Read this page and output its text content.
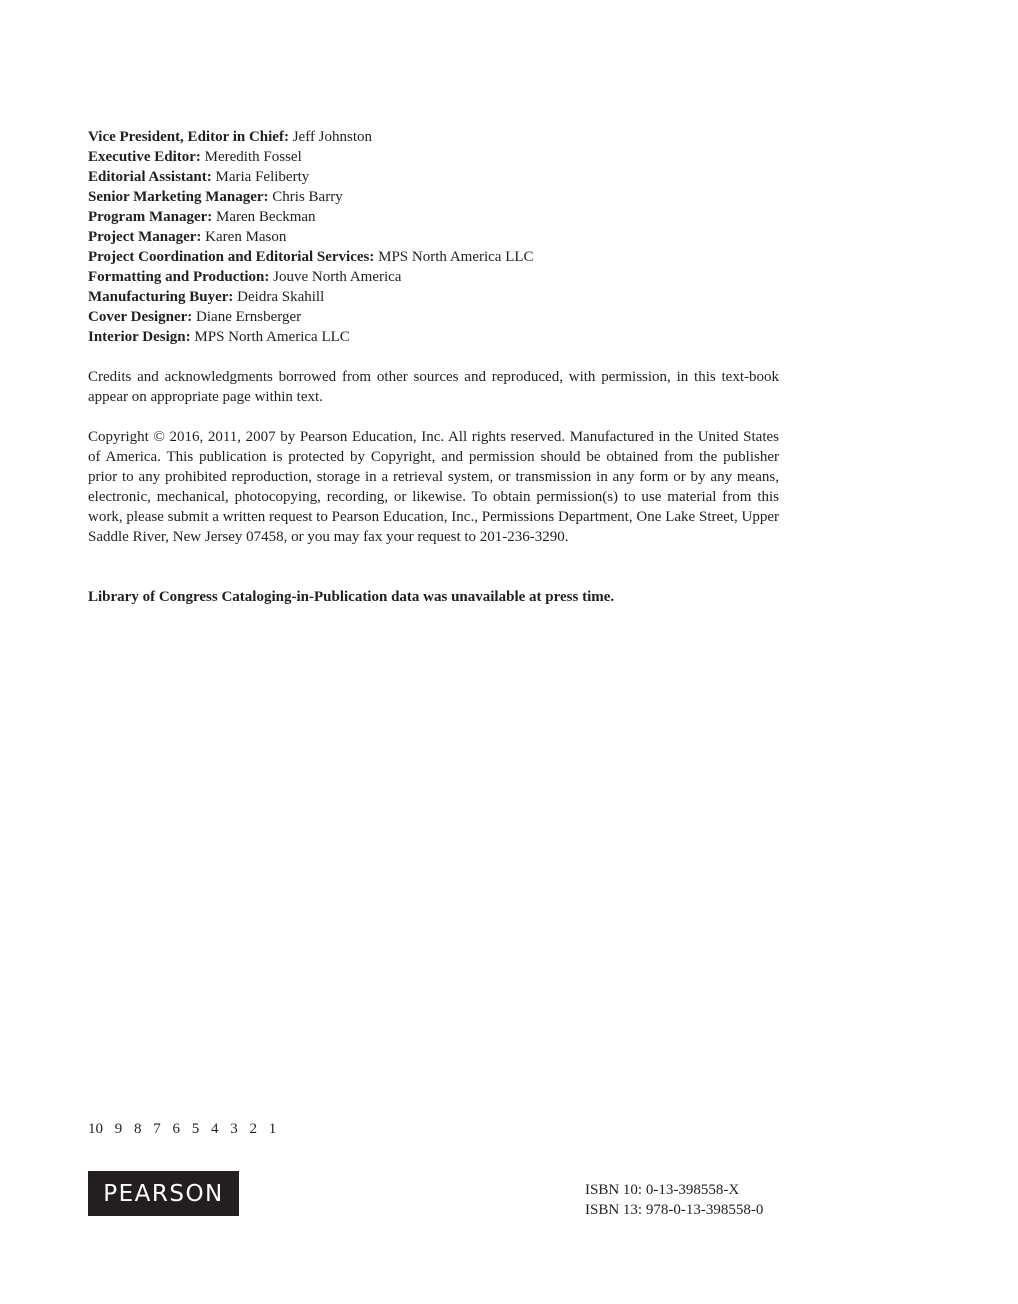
Vice President, Editor in Chief: Jeff Johnston
Executive Editor: Meredith Fossel
Editorial Assistant: Maria Feliberty
Senior Marketing Manager: Chris Barry
Program Manager: Maren Beckman
Project Manager: Karen Mason
Project Coordination and Editorial Services: MPS North America LLC
Formatting and Production: Jouve North America
Manufacturing Buyer: Deidra Skahill
Cover Designer: Diane Ernsberger
Interior Design: MPS North America LLC

Credits and acknowledgments borrowed from other sources and reproduced, with permission, in this text-book appear on appropriate page within text.

Copyright © 2016, 2011, 2007 by Pearson Education, Inc. All rights reserved. Manufactured in the United States of America. This publication is protected by Copyright, and permission should be obtained from the publisher prior to any prohibited reproduction, storage in a retrieval system, or transmission in any form or by any means, electronic, mechanical, photocopying, recording, or likewise. To obtain permission(s) to use material from this work, please submit a written request to Pearson Education, Inc., Permissions Department, One Lake Street, Upper Saddle River, New Jersey 07458, or you may fax your request to 201-236-3290.

Library of Congress Cataloging-in-Publication data was unavailable at press time.

10 9 8 7 6 5 4 3 2 1
PEARSON	ISBN 10: 0-13-398558-X
ISBN 13: 978-0-13-398558-0
